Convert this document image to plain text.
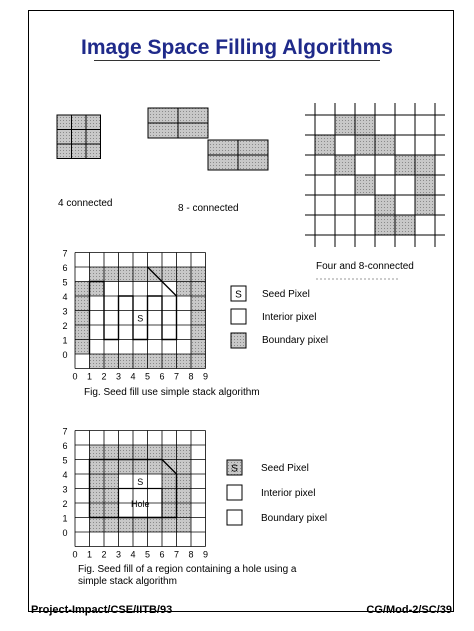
Image Space Filling Algorithms
4 connected	8 - connected
Four and 8-connected
S
7
6
5
4
3
2
1
0
0 1 2 3 4 5 6 7 8 9
Fig. Seed fill use simple stack algorithm
S Seed Pixel
Interior pixel
Boundary pixel
Hole
S
7
6
5
4
3
2
1
0
0 1 2 3 4 5 6 7 8 9
Fig. Seed fill of a region containing a hole using a
simple stack algorithm
S Seed Pixel
Interior pixel
Boundary pixel
Project-Impact/CSE/IITB/93	CG/Mod-2/SC/39
